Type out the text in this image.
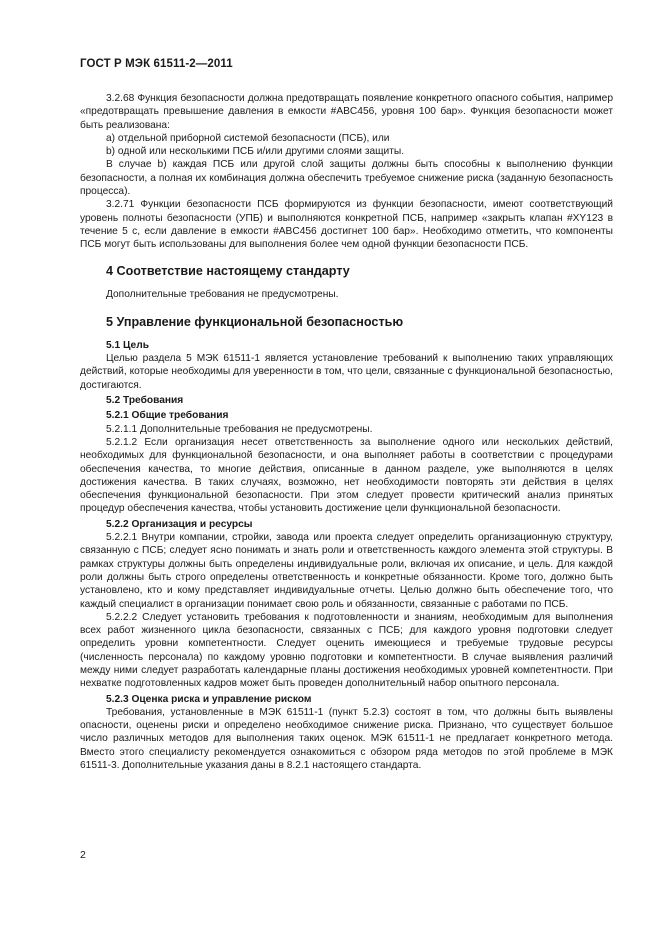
ГОСТ Р МЭК 61511-2—2011

3.2.68 Функция безопасности должна предотвращать появление конкретного опасного события, например «предотвращать превышение давления в емкости #ABC456, уровня 100 бар». Функция безопасности может быть реализована:

а) отдельной приборной системой безопасности (ПСБ), или

b) одной или несколькими ПСБ и/или другими слоями защиты.

В случае b) каждая ПСБ или другой слой защиты должны быть способны к выполнению функции безопасности, а полная их комбинация должна обеспечить требуемое снижение риска (заданную безопасность процесса).

3.2.71 Функции безопасности ПСБ формируются из функции безопасности, имеют соответствующий уровень полноты безопасности (УПБ) и выполняются конкретной ПСБ, например «закрыть клапан #XY123 в течение 5 с, если давление в емкости #ABC456 достигнет 100 бар». Необходимо отметить, что компоненты ПСБ могут быть использованы для выполнения более чем одной функции безопасности ПСБ.

4 Соответствие настоящему стандарту

Дополнительные требования не предусмотрены.

5 Управление функциональной безопасностью
5.1 Цель

Целью раздела 5 МЭК 61511-1 является установление требований к выполнению таких управляющих действий, которые необходимы для уверенности в том, что цели, связанные с функциональной безопасностью, достигаются.

5.2 Требования
5.2.1 Общие требования

5.2.1.1 Дополнительные требования не предусмотрены.

5.2.1.2 Если организация несет ответственность за выполнение одного или нескольких действий, необходимых для функциональной безопасности, и она выполняет работы в соответствии с процедурами обеспечения качества, то многие действия, описанные в данном разделе, уже выполняются в целях достижения качества. В таких случаях, возможно, нет необходимости повторять эти действия в целях обеспечения функциональной безопасности. При этом следует провести критический анализ принятых процедур обеспечения качества, чтобы установить достижение цели функциональной безопасности.

5.2.2 Организация и ресурсы

5.2.2.1 Внутри компании, стройки, завода или проекта следует определить организационную структуру, связанную с ПСБ; следует ясно понимать и знать роли и ответственность каждого элемента этой структуры. В рамках структуры должны быть определены индивидуальные роли, включая их описание, и цель. Для каждой роли должны быть строго определены ответственность и конкретные обязанности. Кроме того, должно быть установлено, кто и кому представляет индивидуальные отчеты. Целью должно быть обеспечение того, что каждый специалист в организации понимает свою роль и обязанности, связанные с работами по ПСБ.

5.2.2.2 Следует установить требования к подготовленности и знаниям, необходимым для выполнения всех работ жизненного цикла безопасности, связанных с ПСБ; для каждого уровня подготовки следует определить уровни компетентности. Следует оценить имеющиеся и требуемые трудовые ресурсы (численность персонала) по каждому уровню подготовки и компетентности. В случае выявления различий между ними следует разработать календарные планы достижения необходимых уровней компетентности. При нехватке подготовленных кадров может быть проведен дополнительный набор опытного персонала.

5.2.3 Оценка риска и управление риском

Требования, установленные в МЭК 61511-1 (пункт 5.2.3) состоят в том, что должны быть выявлены опасности, оценены риски и определено необходимое снижение риска. Признано, что существует большое число различных методов для выполнения таких оценок. МЭК 61511-1 не предлагает конкретного метода. Вместо этого специалисту рекомендуется ознакомиться с обзором ряда методов по этой проблеме в МЭК 61511-3. Дополнительные указания даны в 8.2.1 настоящего стандарта.

2
